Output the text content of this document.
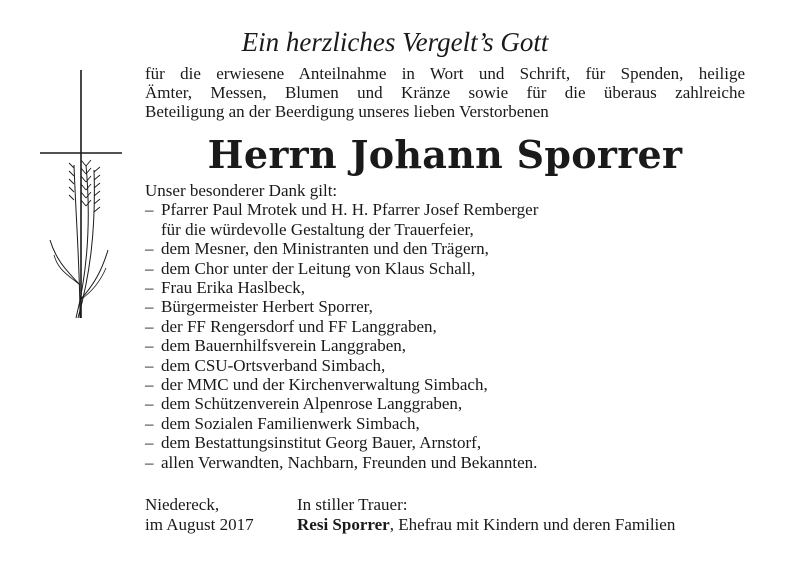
Ein herzliches Vergelt’s Gott
für die erwiesene Anteilnahme in Wort und Schrift, für Spenden, heilige
Ämter, Messen, Blumen und Kränze sowie für die überaus zahlreiche
Beteiligung an der Beerdigung unseres lieben Verstorbenen
Herrn Johann Sporrer
Unser besonderer Dank gilt:
– Pfarrer Paul Mrotek und H. H. Pfarrer Josef Remberger
für die würdevolle Gestaltung der Trauerfeier,
– dem Mesner, den Ministranten und den Trägern,
– dem Chor unter der Leitung von Klaus Schall,
– Frau Erika Haslbeck,
– Bürgermeister Herbert Sporrer,
– der FF Rengersdorf und FF Langgraben,
– dem Bauernhilfsverein Langgraben,
– dem CSU-Ortsverband Simbach,
– der MMC und der Kirchenverwaltung Simbach,
– dem Schützenverein Alpenrose Langgraben,
– dem Sozialen Familienwerk Simbach,
– dem Bestattungsinstitut Georg Bauer, Arnstorf,
– allen Verwandten, Nachbarn, Freunden und Bekannten.
Niedereck,
im August 2017
In stiller Trauer:
Resi Sporrer, Ehefrau mit Kindern und deren Familien
